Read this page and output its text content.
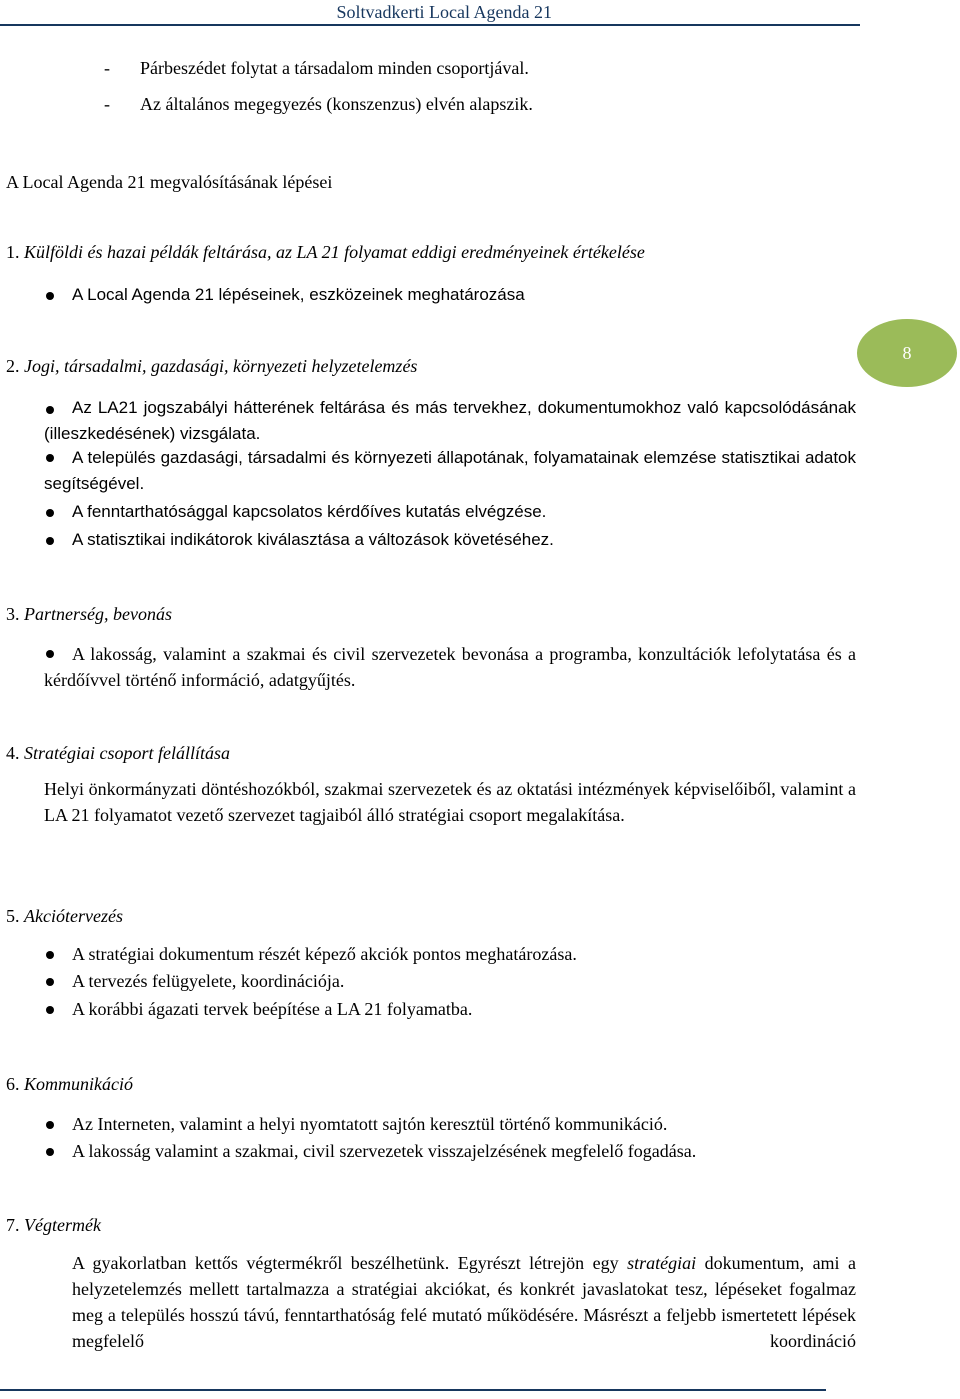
Soltvadkerti Local Agenda 21
8
- Párbeszédet folytat a társadalom minden csoportjával.
- Az általános megegyezés (konszenzus) elvén alapszik.

A Local Agenda 21 megvalósításának lépései

1. Külföldi és hazai példák feltárása, az LA 21 folyamat eddigi eredményeinek értékelése

A Local Agenda 21 lépéseinek, eszközeinek meghatározása

2. Jogi, társadalmi, gazdasági, környezeti helyzetelemzés

Az LA21 jogszabályi hátterének feltárása és más tervekhez, dokumentumokhoz való kapcsolódásának (illeszkedésének) vizsgálata.

A település gazdasági, társadalmi és környezeti állapotának, folyamatainak elemzése statisztikai adatok segítségével.

A fenntarthatósággal kapcsolatos kérdőíves kutatás elvégzése.

A statisztikai indikátorok kiválasztása a változások követéséhez.

3. Partnerség, bevonás

A lakosság, valamint a szakmai és civil szervezetek bevonása a programba, konzultációk lefolytatása és a kérdőívvel történő információ, adatgyűjtés.

4. Stratégiai csoport felállítása

Helyi önkormányzati döntéshozókból, szakmai szervezetek és az oktatási intézmények képviselőiből, valamint a LA 21 folyamatot vezető szervezet tagjaiból álló stratégiai csoport megalakítása.

5. Akciótervezés

A stratégiai dokumentum részét képező akciók pontos meghatározása.

A tervezés felügyelete, koordinációja.

A korábbi ágazati tervek beépítése a LA 21 folyamatba.

6. Kommunikáció

Az Interneten, valamint a helyi nyomtatott sajtón keresztül történő kommunikáció.

A lakosság valamint a szakmai, civil szervezetek visszajelzésének megfelelő fogadása.

7. Végtermék

A gyakorlatban kettős végtermékről beszélhetünk. Egyrészt létrejön egy stratégiai dokumentum, ami a helyzetelemzés mellett tartalmazza a stratégiai akciókat, és konkrét javaslatokat tesz, lépéseket fogalmaz meg a település hosszú távú, fenntarthatóság felé mutató működésére. Másrészt a feljebb ismertetett lépések megfelelő koordináció
